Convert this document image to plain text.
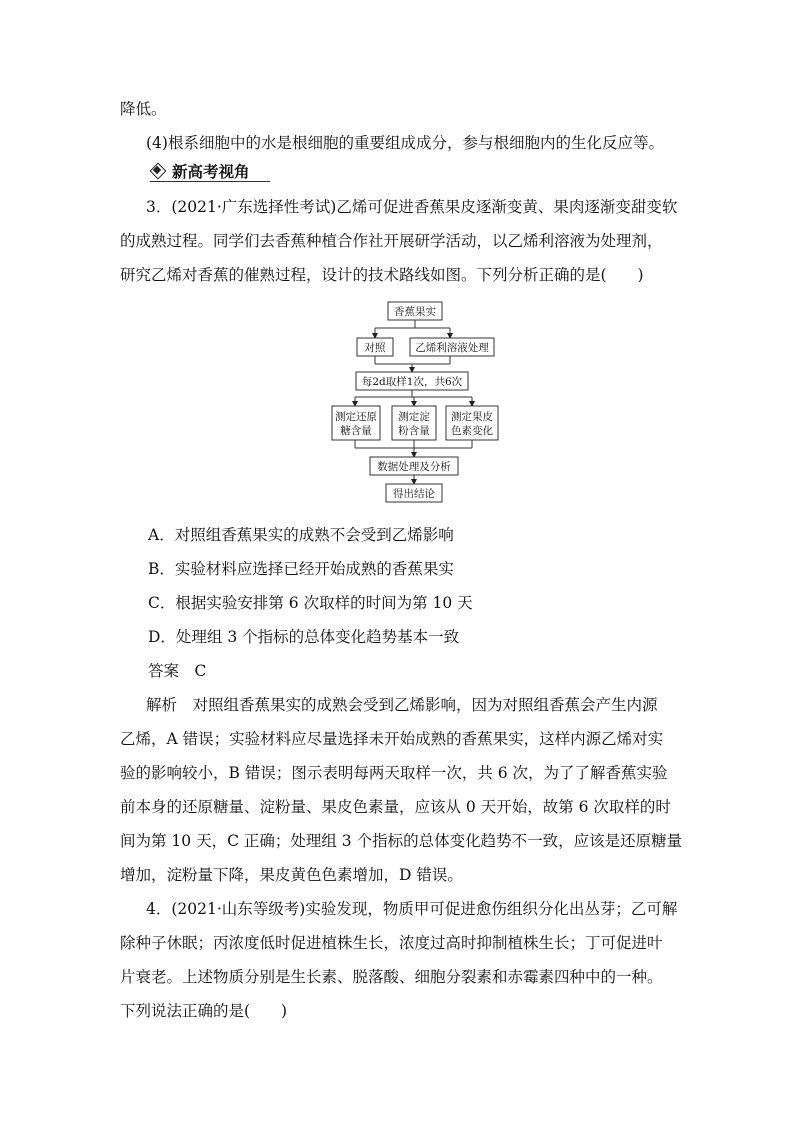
降低。
(4)根系细胞中的水是根细胞的重要组成成分，参与根细胞内的生化反应等。
新高考视角
3．(2021·广东选择性考试)乙烯可促进香蕉果皮逐渐变黄、果肉逐渐变甜变软
的成熟过程。同学们去香蕉种植合作社开展研学活动，以乙烯利溶液为处理剂，
研究乙烯对香蕉的催熟过程，设计的技术路线如图。下列分析正确的是(　　)
香蕉果实
对照	乙烯利溶液处理
每2d取样1次，共6次
测定还原
糖含量
测定淀
粉含量
测定果皮
色素变化
数据处理及分析
得出结论
A．对照组香蕉果实的成熟不会受到乙烯影响
B．实验材料应选择已经开始成熟的香蕉果实
C．根据实验安排第 6 次取样的时间为第 10 天
D．处理组 3 个指标的总体变化趋势基本一致
答案　 C
解析　 对照组香蕉果实的成熟会受到乙烯影响，因为对照组香蕉会产生内源
乙烯，A 错误；实验材料应尽量选择未开始成熟的香蕉果实，这样内源乙烯对实
验的影响较小，B 错误；图示表明每两天取样一次，共 6 次，为了了解香蕉实验
前本身的还原糖量、淀粉量、果皮色素量，应该从 0 天开始，故第 6 次取样的时
间为第 10 天，C 正确；处理组 3 个指标的总体变化趋势不一致，应该是还原糖量
增加，淀粉量下降，果皮黄色色素增加，D 错误。
4．(2021·山东等级考)实验发现，物质甲可促进愈伤组织分化出丛芽；乙可解
除种子休眠；丙浓度低时促进植株生长，浓度过高时抑制植株生长；丁可促进叶
片衰老。上述物质分别是生长素、脱落酸、细胞分裂素和赤霉素四种中的一种。
下列说法正确的是(　　)
